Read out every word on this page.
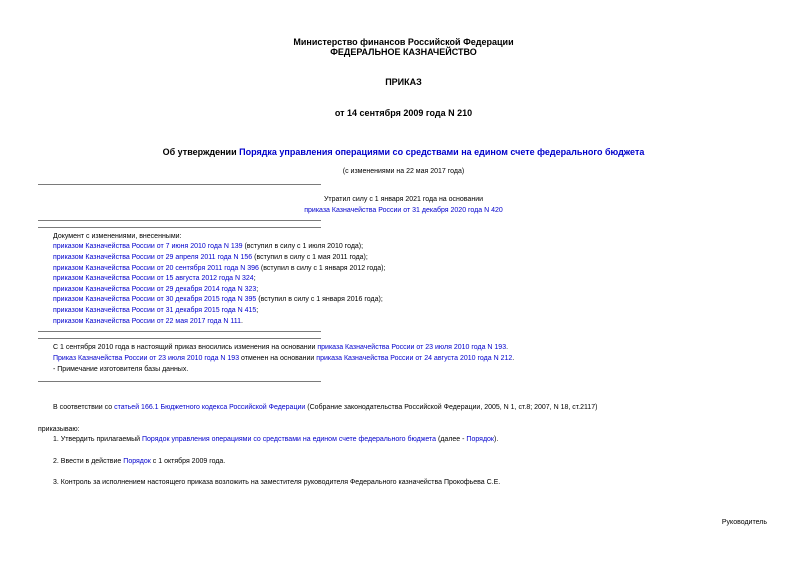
Министерство финансов Российской Федерации
ФЕДЕРАЛЬНОЕ КАЗНАЧЕЙСТВО
ПРИКАЗ
от 14 сентября 2009 года N 210
Об утверждении Порядка управления операциями со средствами на едином счете федерального бюджета
(с изменениями на 22 мая 2017 года)
Утратил силу с 1 января 2021 года на основании
приказа Казначейства России от 31 декабря 2020 года N 420
Документ с изменениями, внесенными:
приказом Казначейства России от 7 июня 2010 года N 139 (вступил в силу с 1 июля 2010 года);
приказом Казначейства России от 29 апреля 2011 года N 156 (вступил в силу с 1 мая 2011 года);
приказом Казначейства России от 20 сентября 2011 года N 396 (вступил в силу с 1 января 2012 года);
приказом Казначейства России от 15 августа 2012 года N 324;
приказом Казначейства России от 29 декабря 2014 года N 323;
приказом Казначейства России от 30 декабря 2015 года N 395 (вступил в силу с 1 января 2016 года);
приказом Казначейства России от 31 декабря 2015 года N 415;
приказом Казначейства России от 22 мая 2017 года N 111.
С 1 сентября 2010 года в настоящий приказ вносились изменения на основании приказа Казначейства России от 23 июля 2010 года N 193.
Приказ Казначейства России от 23 июля 2010 года N 193 отменен на основании приказа Казначейства России от 24 августа 2010 года N 212.
- Примечание изготовителя базы данных.
В соответствии со статьей 166.1 Бюджетного кодекса Российской Федерации (Собрание законодательства Российской Федерации, 2005, N 1, ст.8; 2007, N 18, ст.2117)
приказываю:
1. Утвердить прилагаемый Порядок управления операциями со средствами на едином счете федерального бюджета (далее - Порядок).
2. Ввести в действие Порядок с 1 октября 2009 года.
3. Контроль за исполнением настоящего приказа возложить на заместителя руководителя Федерального казначейства Прокофьева С.Е.
Руководитель
